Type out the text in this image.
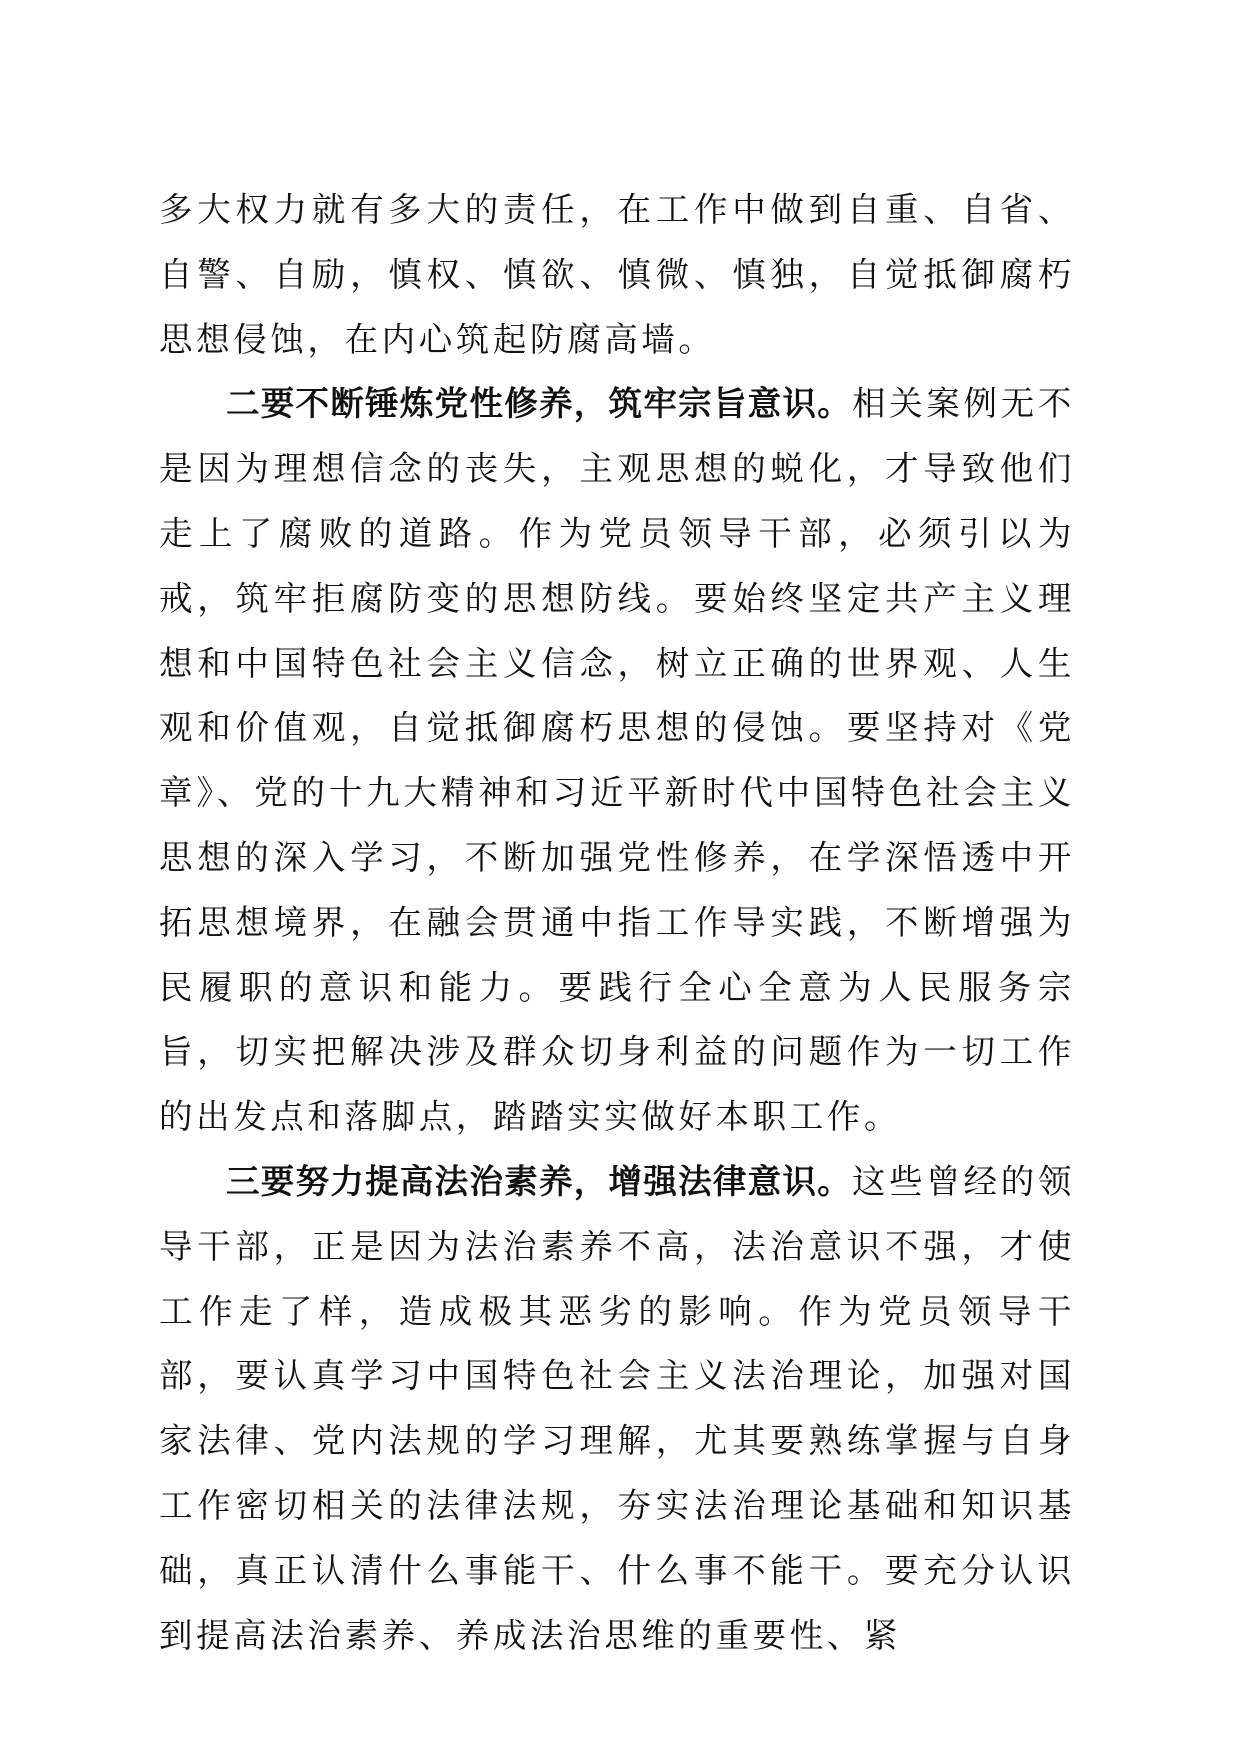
多大权力就有多大的责任，在工作中做到自重、自省、自警、自励，慎权、慎欲、慎微、慎独，自觉抵御腐朽思想侵蚀，在内心筑起防腐高墙。

二要不断锤炼党性修养，筑牢宗旨意识。相关案例无不是因为理想信念的丧失，主观思想的蜕化，才导致他们走上了腐败的道路。作为党员领导干部，必须引以为戒，筑牢拒腐防变的思想防线。要始终坚定共产主义理想和中国特色社会主义信念，树立正确的世界观、人生观和价值观，自觉抵御腐朽思想的侵蚀。要坚持对《党章》、党的十九大精神和习近平新时代中国特色社会主义思想的深入学习，不断加强党性修养，在学深悟透中开拓思想境界，在融会贯通中指工作导实践，不断增强为民履职的意识和能力。要践行全心全意为人民服务宗旨，切实把解决涉及群众切身利益的问题作为一切工作的出发点和落脚点，踏踏实实做好本职工作。

三要努力提高法治素养，增强法律意识。这些曾经的领导干部，正是因为法治素养不高，法治意识不强，才使工作走了样，造成极其恶劣的影响。作为党员领导干部，要认真学习中国特色社会主义法治理论，加强对国家法律、党内法规的学习理解，尤其要熟练掌握与自身工作密切相关的法律法规，夯实法治理论基础和知识基础，真正认清什么事能干、什么事不能干。要充分认识到提高法治素养、养成法治思维的重要性、紧
